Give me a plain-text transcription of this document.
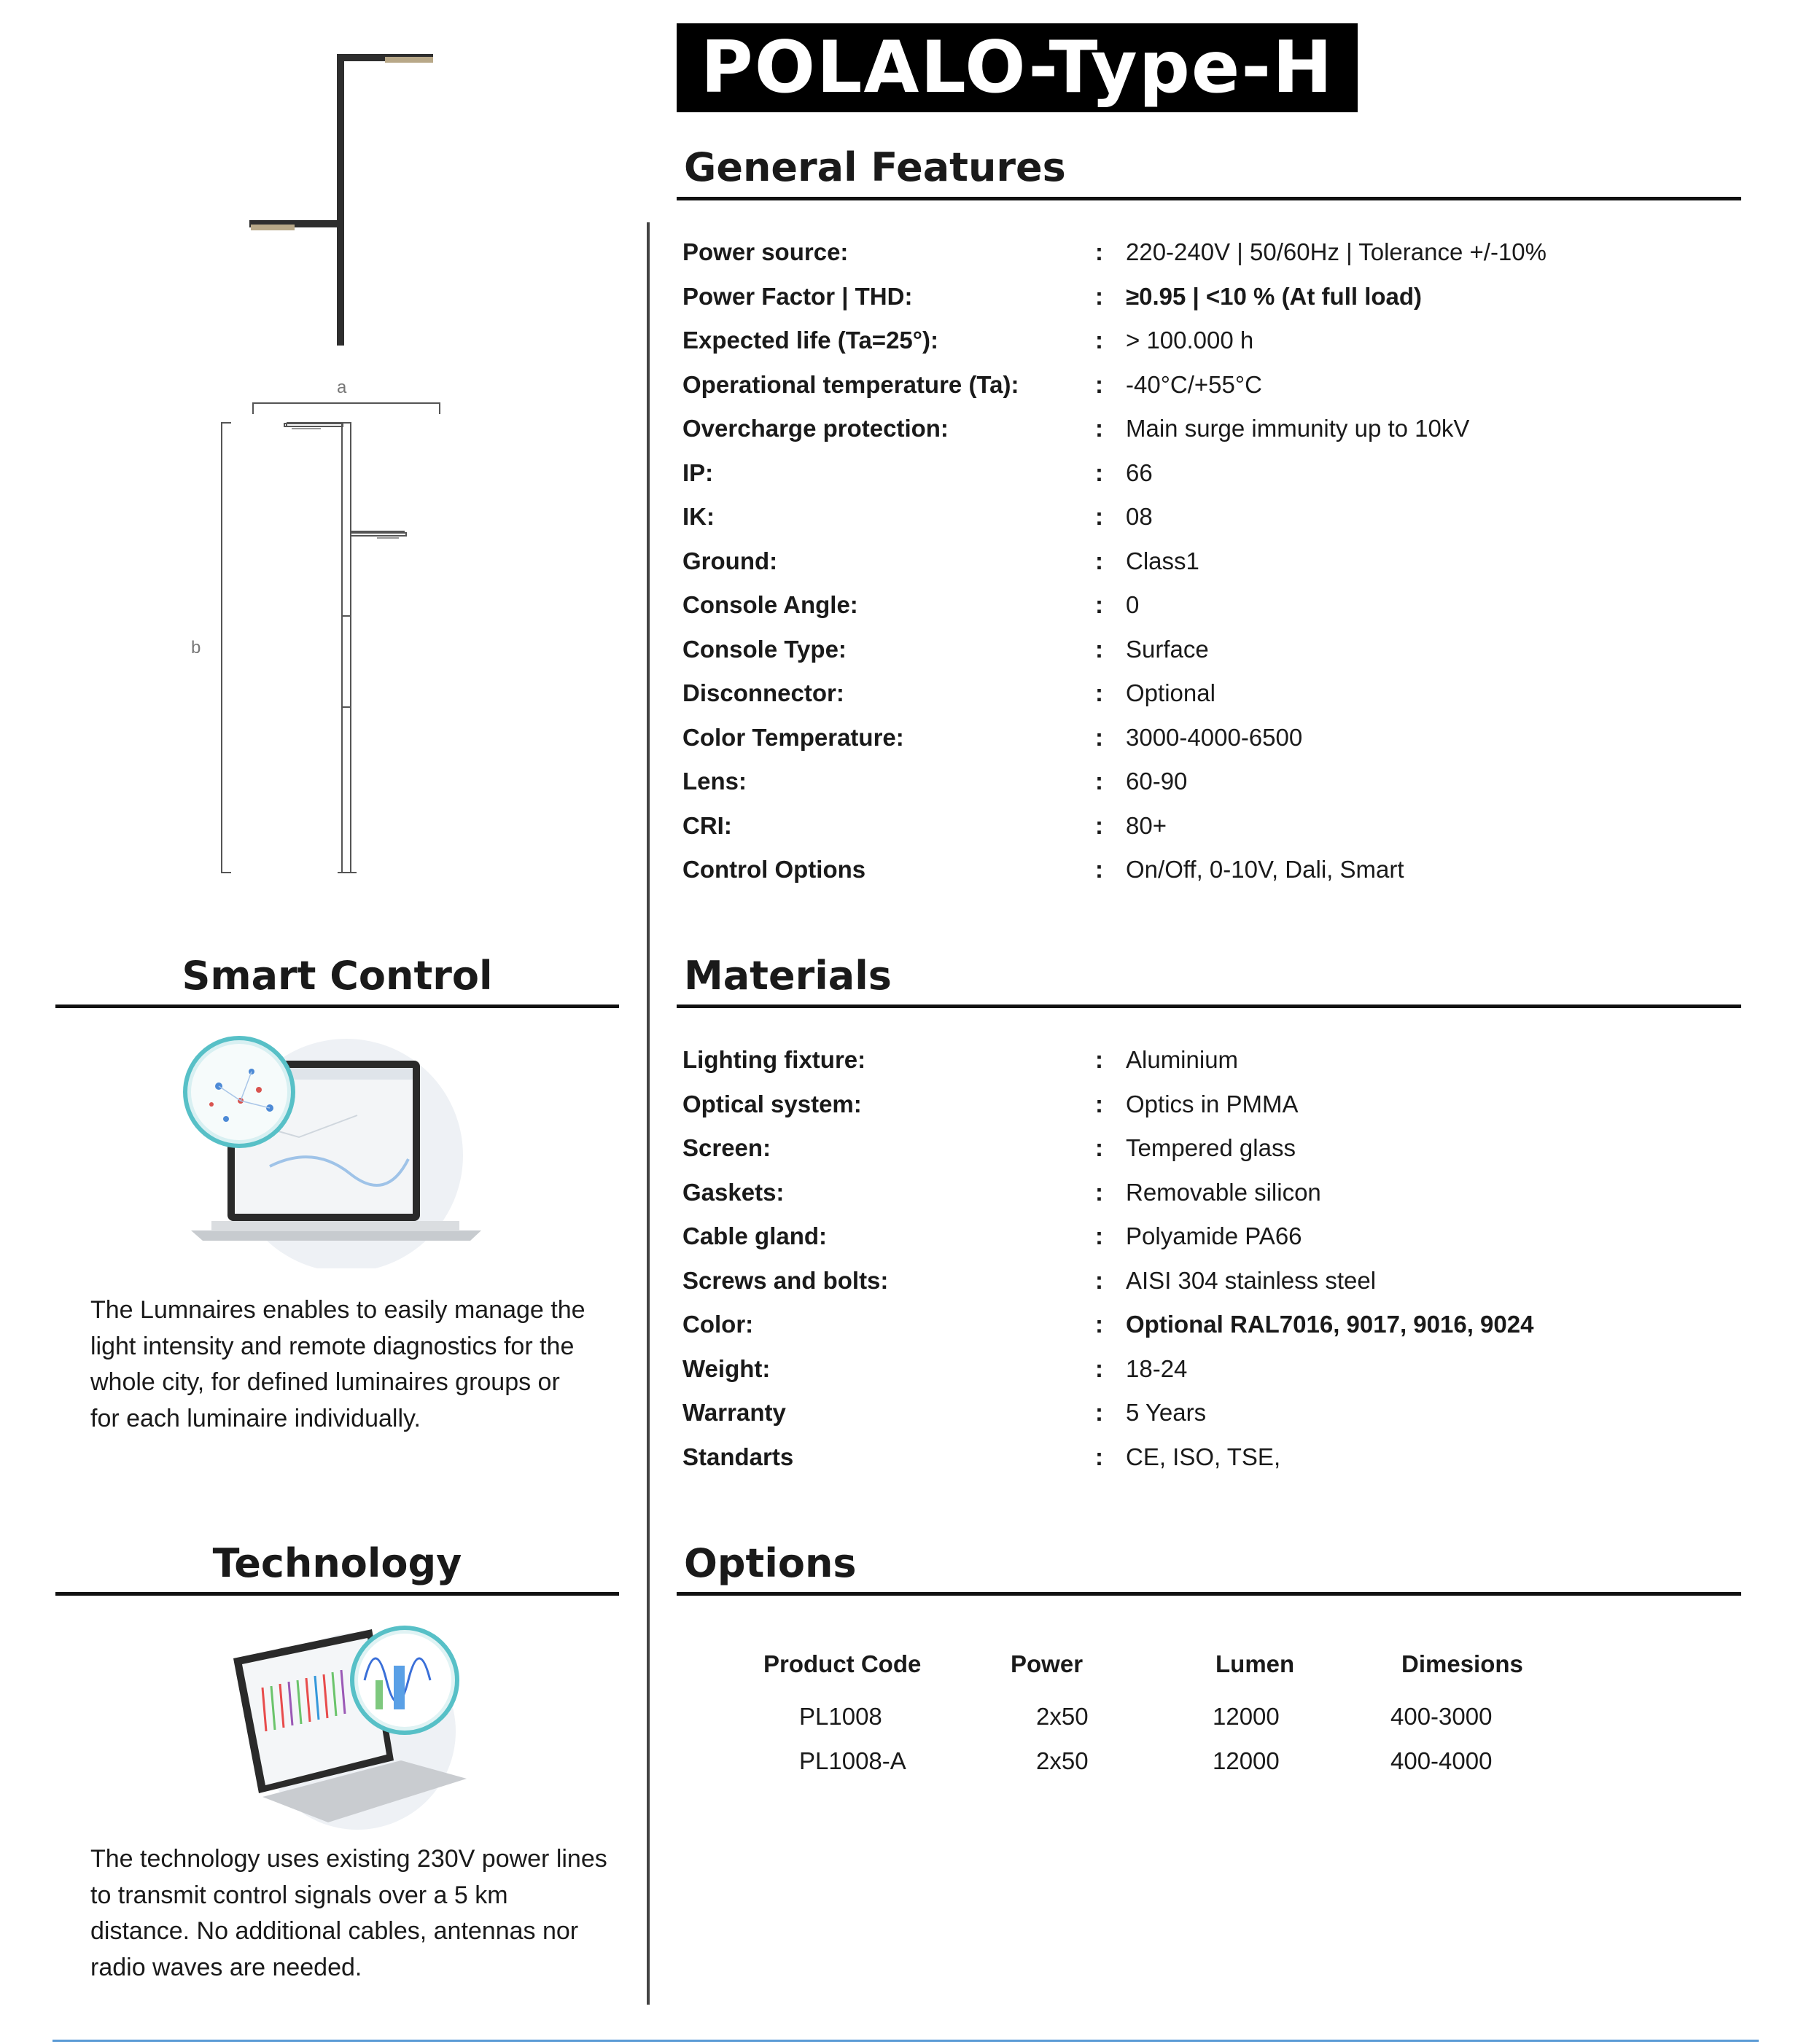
POLALO-Type-H
a
b
General Features
Power source:	: 220-240V | 50/60Hz | Tolerance +/-10%
Power Factor | THD:	: ≥0.95 | <10 % (At full load)
Expected life (Ta=25°):	: > 100.000 h
Operational temperature (Ta):	: -40°C/+55°C
Overcharge protection:	: Main surge immunity up to 10kV
IP:	: 66
IK:	: 08
Ground:	: Class1
Console Angle:	: 0
Console Type:	: Surface
Disconnector:	: Optional
Color Temperature:	: 3000-4000-6500
Lens:	: 60-90
CRI:	: 80+
Control Options	: On/Off, 0-10V, Dali, Smart
Smart Control
The Lumnaires enables to easily manage the
light intensity and remote diagnostics for the
whole city, for defined luminaires groups or
for each luminaire individually.
Materials
Lighting fixture:	: Aluminium
Optical system:	: Optics in PMMA
Screen:	: Tempered glass
Gaskets:	: Removable silicon
Cable gland:	: Polyamide PA66
Screws and bolts:	: AISI 304 stainless steel
Color:	: Optional RAL7016, 9017, 9016, 9024
Weight:	: 18-24
Warranty	: 5 Years
Standarts	: CE, ISO, TSE,
Technology
The technology uses existing 230V power lines
to transmit control signals over a 5 km
distance. No additional cables, antennas nor
radio waves are needed.
Options
Product Code	Power	Lumen	Dimesions
PL1008	2x50	12000	400-3000
PL1008-A	2x50	12000	400-4000
